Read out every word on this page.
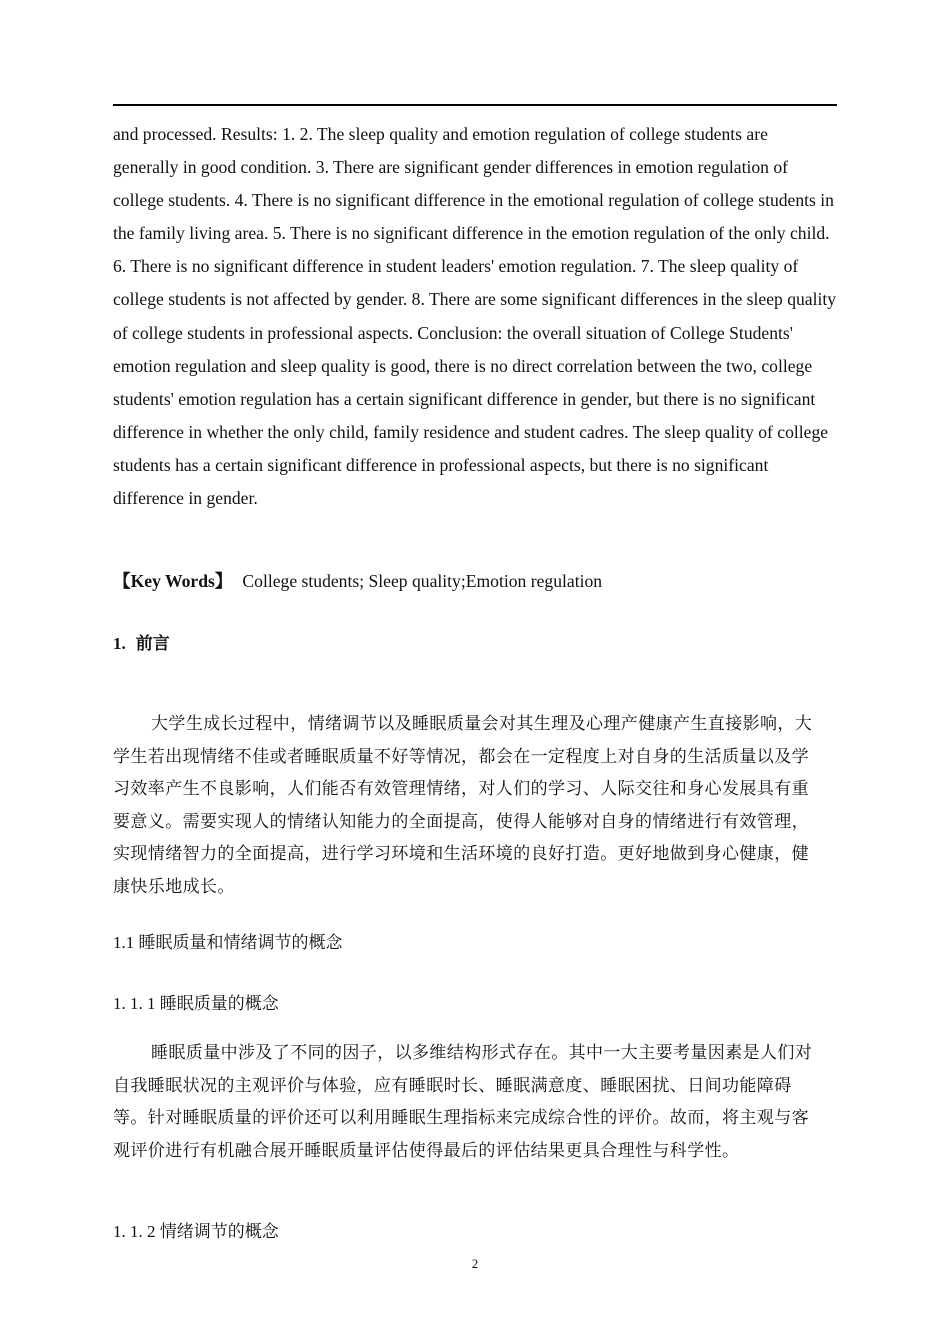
and processed. Results: 1. 2. The sleep quality and emotion regulation of college students are generally in good condition. 3. There are significant gender differences in emotion regulation of college students. 4. There is no significant difference in the emotional regulation of college students in the family living area. 5. There is no significant difference in the emotion regulation of the only child. 6. There is no significant difference in student leaders' emotion regulation. 7. The sleep quality of college students is not affected by gender. 8. There are some significant differences in the sleep quality of college students in professional aspects. Conclusion: the overall situation of College Students' emotion regulation and sleep quality is good, there is no direct correlation between the two, college students' emotion regulation has a certain significant difference in gender, but there is no significant difference in whether the only child, family residence and student cadres. The sleep quality of college students has a certain significant difference in professional aspects, but there is no significant difference in gender.

【Key Words】 College students; Sleep quality;Emotion regulation
1. 前言

大学生成长过程中，情绪调节以及睡眠质量会对其生理及心理产健康产生直接影响，大学生若出现情绪不佳或者睡眠质量不好等情况，都会在一定程度上对自身的生活质量以及学习效率产生不良影响，人们能否有效管理情绪，对人们的学习、人际交往和身心发展具有重要意义。需要实现人的情绪认知能力的全面提高，使得人能够对自身的情绪进行有效管理，实现情绪智力的全面提高，进行学习环境和生活环境的良好打造。更好地做到身心健康，健康快乐地成长。

1.1 睡眠质量和情绪调节的概念
1. 1. 1 睡眠质量的概念

睡眠质量中涉及了不同的因子，以多维结构形式存在。其中一大主要考量因素是人们对自我睡眠状况的主观评价与体验，应有睡眠时长、睡眠满意度、睡眠困扰、日间功能障碍等。针对睡眠质量的评价还可以利用睡眠生理指标来完成综合性的评价。故而，将主观与客观评价进行有机融合展开睡眠质量评估使得最后的评估结果更具合理性与科学性。

1. 1. 2 情绪调节的概念
2
